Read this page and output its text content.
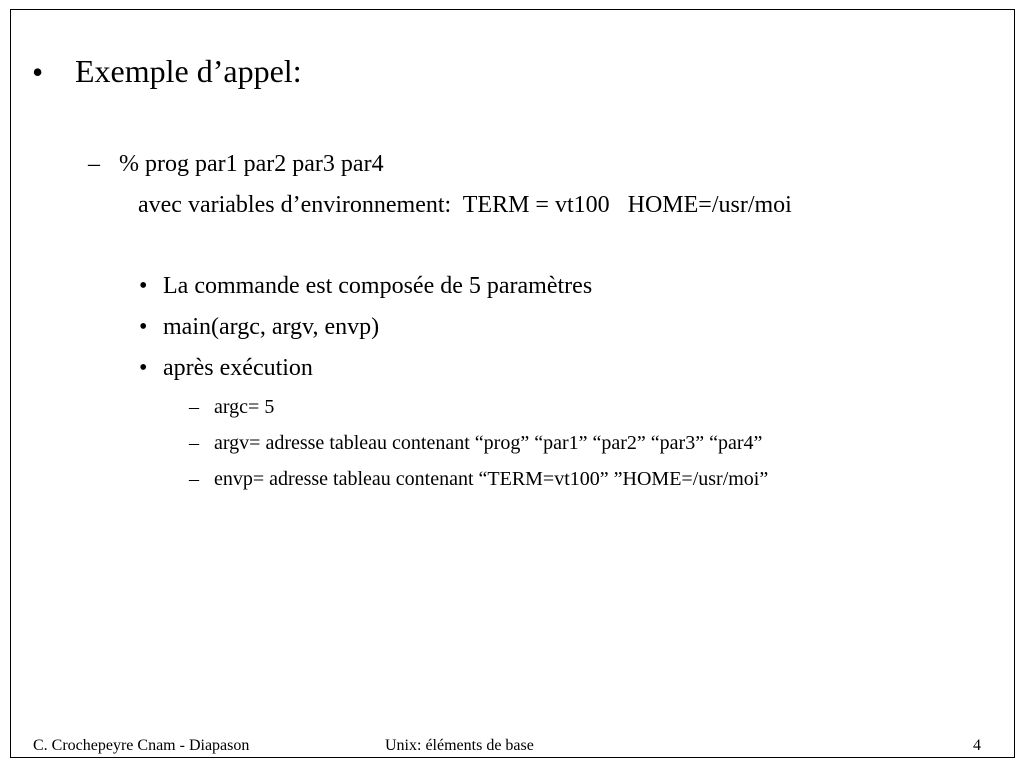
• Exemple d’appel:
– % prog par1 par2 par3 par4
avec variables d’environnement:  TERM = vt100   HOME=/usr/moi
• La commande est composée de 5 paramètres
• main(argc, argv, envp)
• après exécution
– argc= 5
– argv= adresse tableau contenant “prog” “par1” “par2” “par3” “par4”
– envp= adresse tableau contenant “TERM=vt100” ”HOME=/usr/moi”
C. Crochepeyre Cnam - Diapason	Unix: éléments de base	4
